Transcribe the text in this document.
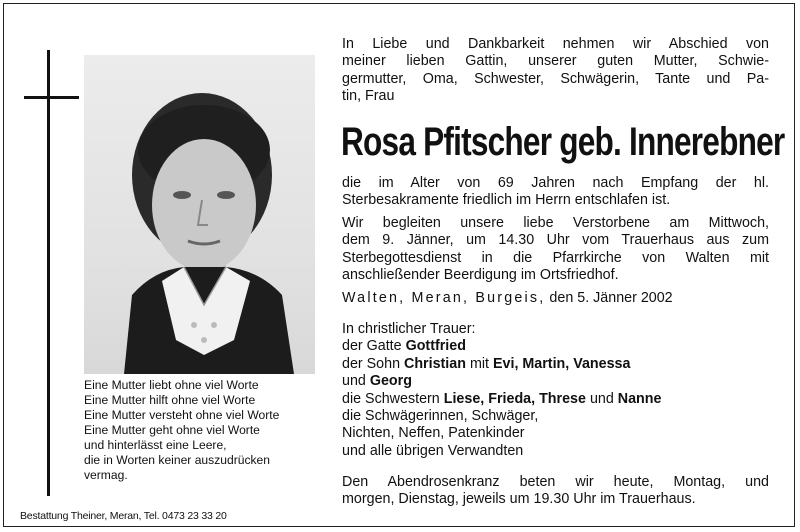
Eine Mutter liebt ohne viel Worte
Eine Mutter hilft ohne viel Worte
Eine Mutter versteht ohne viel Worte
Eine Mutter geht ohne viel Worte
und hinterlässt eine Leere,
die in Worten keiner auszudrücken
vermag.
Bestattung Theiner, Meran, Tel. 0473 23 33 20
In Liebe und Dankbarkeit nehmen wir Abschied von
meiner lieben Gattin, unserer guten Mutter, Schwie-
germutter, Oma, Schwester, Schwägerin, Tante und Pa-
tin, Frau
Rosa Pfitscher geb. Innerebner
die im Alter von 69 Jahren nach Empfang der hl.
Sterbesakramente friedlich im Herrn entschlafen ist.
Wir begleiten unsere liebe Verstorbene am Mittwoch,
dem 9. Jänner, um 14.30 Uhr vom Trauerhaus aus zum
Sterbegottesdienst in die Pfarrkirche von Walten mit
anschließender Beerdigung im Ortsfriedhof.
Walten, Meran, Burgeis, den 5. Jänner 2002
In christlicher Trauer:
der Gatte Gottfried
der Sohn Christian mit Evi, Martin, Vanessa
und Georg
die Schwestern Liese, Frieda, Threse und Nanne
die Schwägerinnen, Schwäger,
Nichten, Neffen, Patenkinder
und alle übrigen Verwandten
Den Abendrosenkranz beten wir heute, Montag, und
morgen, Dienstag, jeweils um 19.30 Uhr im Trauerhaus.
